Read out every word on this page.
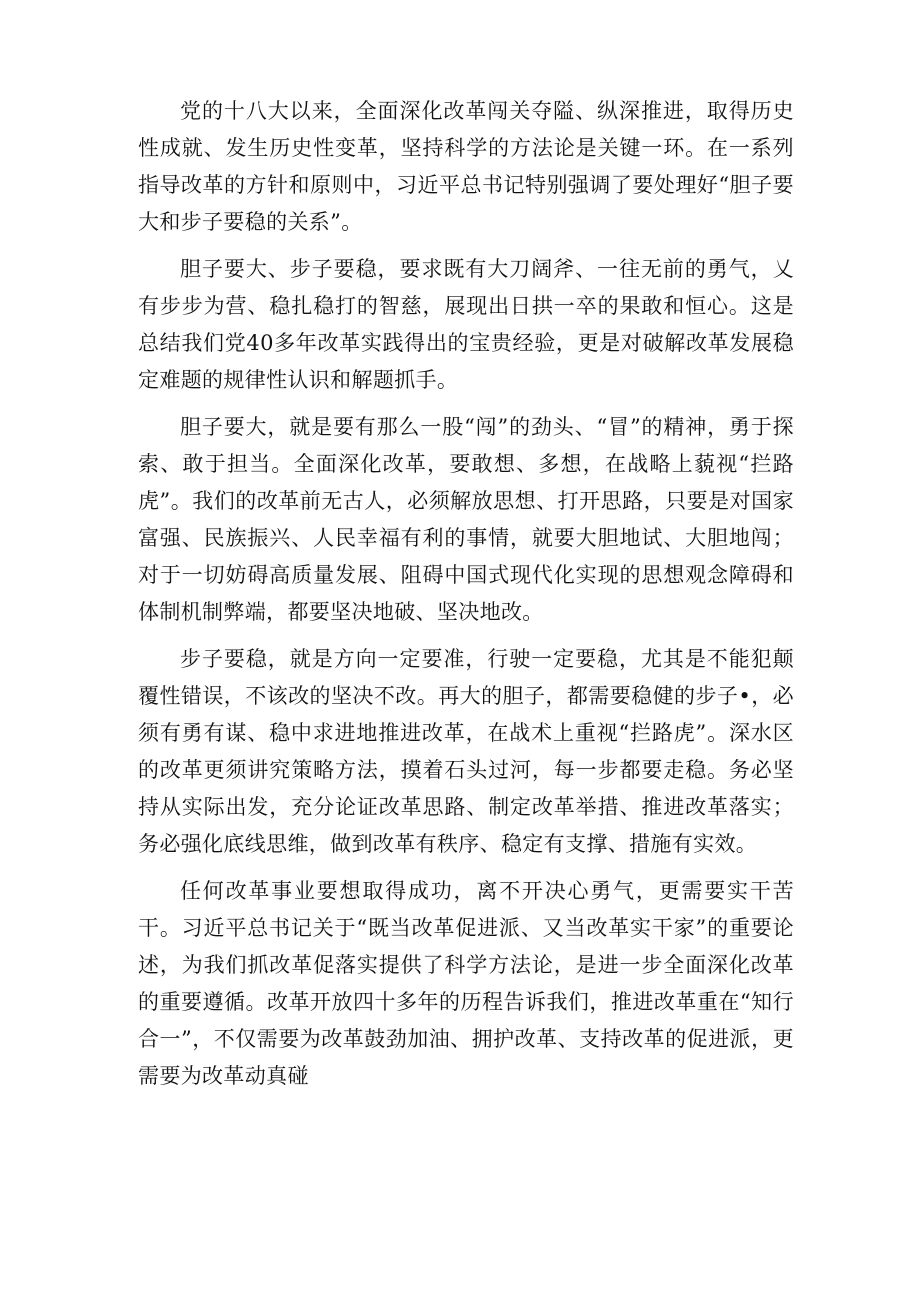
党的十八大以来，全面深化改革闯关夺隘、纵深推进，取得历史性成就、发生历史性变革，坚持科学的方法论是关键一环。在一系列指导改革的方针和原则中，习近平总书记特别强调了要处理好“胆子要大和步子要稳的关系”。

胆子要大、步子要稳，要求既有大刀阔斧、一往无前的勇气，乂有步步为营、稳扎稳打的智慈，展现出日拱一卒的果敢和恒心。这是总结我们党40多年改革实践得出的宝贵经验，更是对破解改革发展稳定难题的规律性认识和解题抓手。

胆子要大，就是要有那么一股“闯”的劲头、“冒”的精神，勇于探索、敢于担当。全面深化改革，要敢想、多想，在战略上藐视“拦路虎”。我们的改革前无古人，必须解放思想、打开思路，只要是对国家富强、民族振兴、人民幸福有利的事情，就要大胆地试、大胆地闯；对于一切妨碍高质量发展、阻碍中国式现代化实现的思想观念障碍和体制机制弊端，都要坚决地破、坚决地改。

步子要稳，就是方向一定要准，行驶一定要稳，尤其是不能犯颠覆性错误，不该改的坚决不改。再大的胆子，都需要稳健的步子•，必须有勇有谋、稳中求进地推进改革，在战术上重视“拦路虎”。深水区的改革更须讲究策略方法，摸着石头过河，每一步都要走稳。务必坚持从实际出发，充分论证改革思路、制定改革举措、推进改革落实；务必强化底线思维，做到改革有秩序、稳定有支撑、措施有实效。

任何改革事业要想取得成功，离不开决心勇气，更需要实干苦干。习近平总书记关于“既当改革促进派、又当改革实干家”的重要论述，为我们抓改革促落实提供了科学方法论，是进一步全面深化改革的重要遵循。改革开放四十多年的历程告诉我们，推进改革重在“知行合一”，不仅需要为改革鼓劲加油、拥护改革、支持改革的促进派，更需要为改革动真碰
